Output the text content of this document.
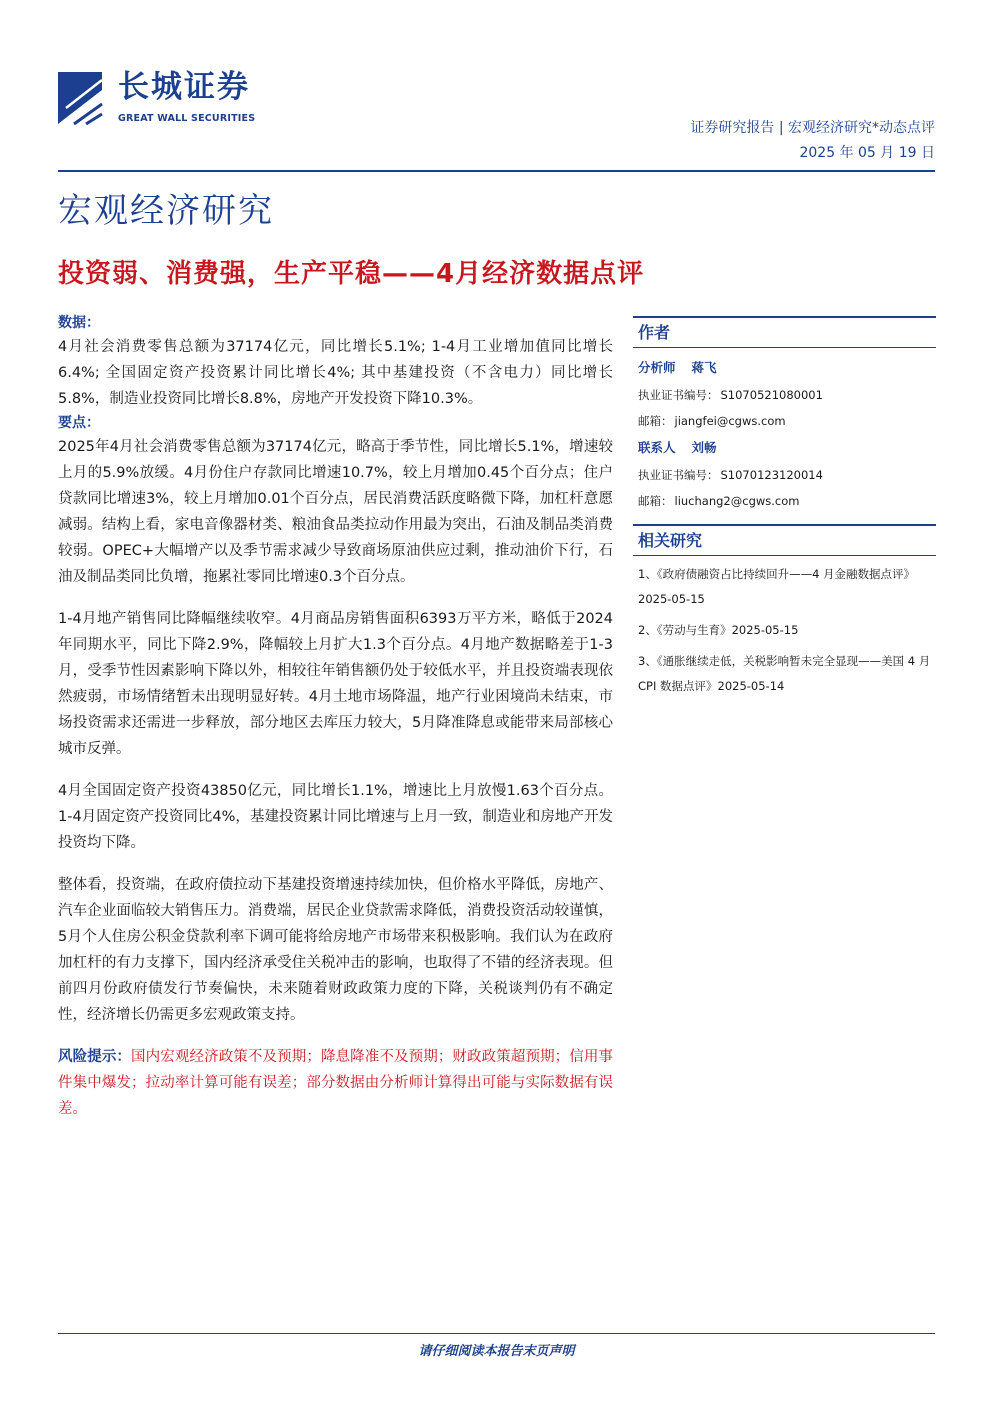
长城证券
GREAT WALL SECURITIES
证券研究报告 | 宏观经济研究*动态点评
2025 年 05 月 19 日
宏观经济研究
投资弱、消费强，生产平稳——4月经济数据点评
数据：

4月社会消费零售总额为37174亿元，同比增长5.1%; 1-4月工业增加值同比增长6.4%; 全国固定资产投资累计同比增长4%; 其中基建投资（不含电力）同比增长5.8%，制造业投资同比增长8.8%，房地产开发投资下降10.3%。

要点：

2025年4月社会消费零售总额为37174亿元，略高于季节性，同比增长5.1%，增速较上月的5.9%放缓。4月份住户存款同比增速10.7%，较上月增加0.45个百分点；住户贷款同比增速3%，较上月增加0.01个百分点，居民消费活跃度略微下降，加杠杆意愿减弱。结构上看，家电音像器材类、粮油食品类拉动作用最为突出，石油及制品类消费较弱。OPEC+大幅增产以及季节需求减少导致商场原油供应过剩，推动油价下行，石油及制品类同比负增，拖累社零同比增速0.3个百分点。

1-4月地产销售同比降幅继续收窄。4月商品房销售面积6393万平方米，略低于2024年同期水平，同比下降2.9%，降幅较上月扩大1.3个百分点。4月地产数据略差于1-3月，受季节性因素影响下降以外，相较往年销售额仍处于较低水平，并且投资端表现依然疲弱，市场情绪暂未出现明显好转。4月土地市场降温，地产行业困境尚未结束，市场投资需求还需进一步释放，部分地区去库压力较大，5月降准降息或能带来局部核心城市反弹。

4月全国固定资产投资43850亿元，同比增长1.1%，增速比上月放慢1.63个百分点。1-4月固定资产投资同比4%，基建投资累计同比增速与上月一致，制造业和房地产开发投资均下降。

整体看，投资端，在政府债拉动下基建投资增速持续加快，但价格水平降低，房地产、汽车企业面临较大销售压力。消费端，居民企业贷款需求降低，消费投资活动较谨慎，5月个人住房公积金贷款利率下调可能将给房地产市场带来积极影响。我们认为在政府加杠杆的有力支撑下，国内经济承受住关税冲击的影响，也取得了不错的经济表现。但前四月份政府债发行节奏偏快，未来随着财政政策力度的下降，关税谈判仍有不确定性，经济增长仍需更多宏观政策支持。

风险提示：国内宏观经济政策不及预期；降息降准不及预期；财政政策超预期；信用事件集中爆发；拉动率计算可能有误差；部分数据由分析师计算得出可能与实际数据有误差。

作者
分析师 蒋飞
执业证书编号： S1070521080001
邮箱： jiangfei@cgws.com
联系人 刘畅
执业证书编号： S1070123120014
邮箱： liuchang2@cgws.com
相关研究
1、《政府债融资占比持续回升——4 月金融数据点评》2025-05-15
2、《劳动与生育》2025-05-15
3、《通胀继续走低，关税影响暂未完全显现——美国 4 月 CPI 数据点评》2025-05-14
请仔细阅读本报告末页声明
